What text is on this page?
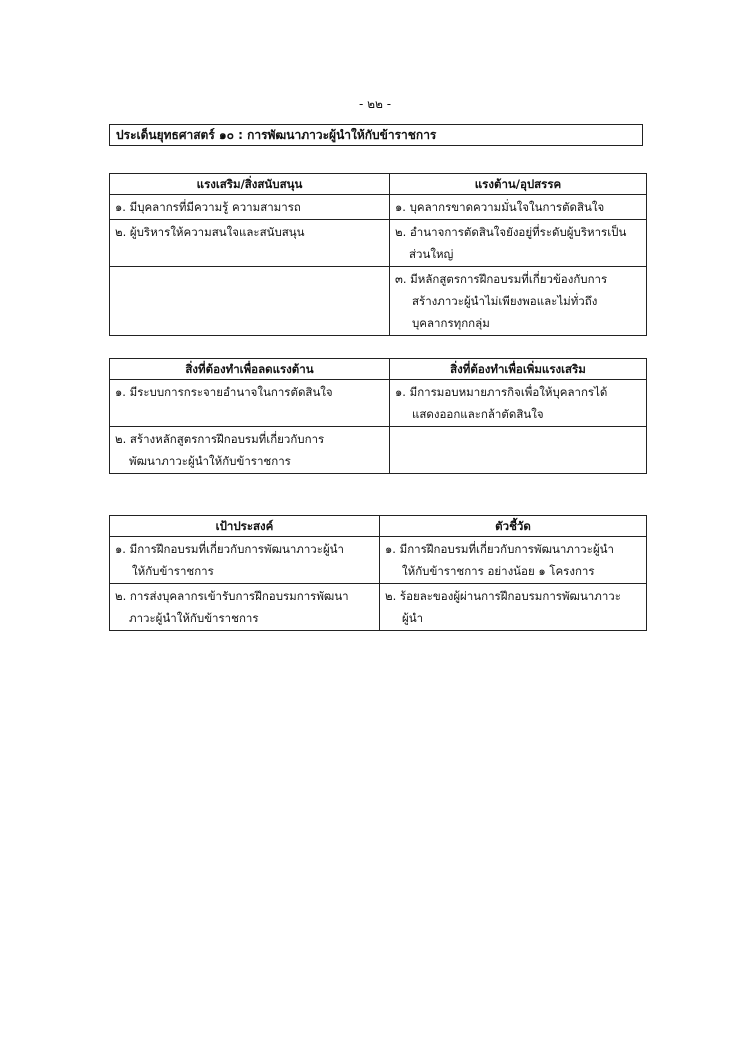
- ๒๒ -
ประเด็นยุทธศาสตร์ ๑๐ : การพัฒนาภาวะผู้นำให้กับข้าราชการ
แรงเสริม/สิ่งสนับสนุน	แรงต้าน/อุปสรรค

๑. มีบุคลากรที่มีความรู้ ความสามารถ	๑. บุคลากรขาดความมั่นใจในการตัดสินใจ

๒. ผู้บริหารให้ความสนใจและสนับสนุน	๒. อำนาจการตัดสินใจยังอยู่ที่ระดับผู้บริหารเป็น
ส่วนใหญ่

	๓. มีหลักสูตรการฝึกอบรมที่เกี่ยวข้องกับการ
สร้างภาวะผู้นำไม่เพียงพอและไม่ทั่วถึง
บุคลากรทุกกลุ่ม
สิ่งที่ต้องทำเพื่อลดแรงต้าน	สิ่งที่ต้องทำเพื่อเพิ่มแรงเสริม

๑. มีระบบการกระจายอำนาจในการตัดสินใจ	๑. มีการมอบหมายภารกิจเพื่อให้บุคลากรได้
แสดงออกและกล้าตัดสินใจ

๒. สร้างหลักสูตรการฝึกอบรมที่เกี่ยวกับการ
พัฒนาภาวะผู้นำให้กับข้าราชการ	

เป้าประสงค์	ตัวชี้วัด

๑. มีการฝึกอบรมที่เกี่ยวกับการพัฒนาภาวะผู้นำ
ให้กับข้าราชการ	๑. มีการฝึกอบรมที่เกี่ยวกับการพัฒนาภาวะผู้นำ
ให้กับข้าราชการ อย่างน้อย ๑ โครงการ

๒. การส่งบุคลากรเข้ารับการฝึกอบรมการพัฒนา
ภาวะผู้นำให้กับข้าราชการ	๒. ร้อยละของผู้ผ่านการฝึกอบรมการพัฒนาภาวะ
ผู้นำ
